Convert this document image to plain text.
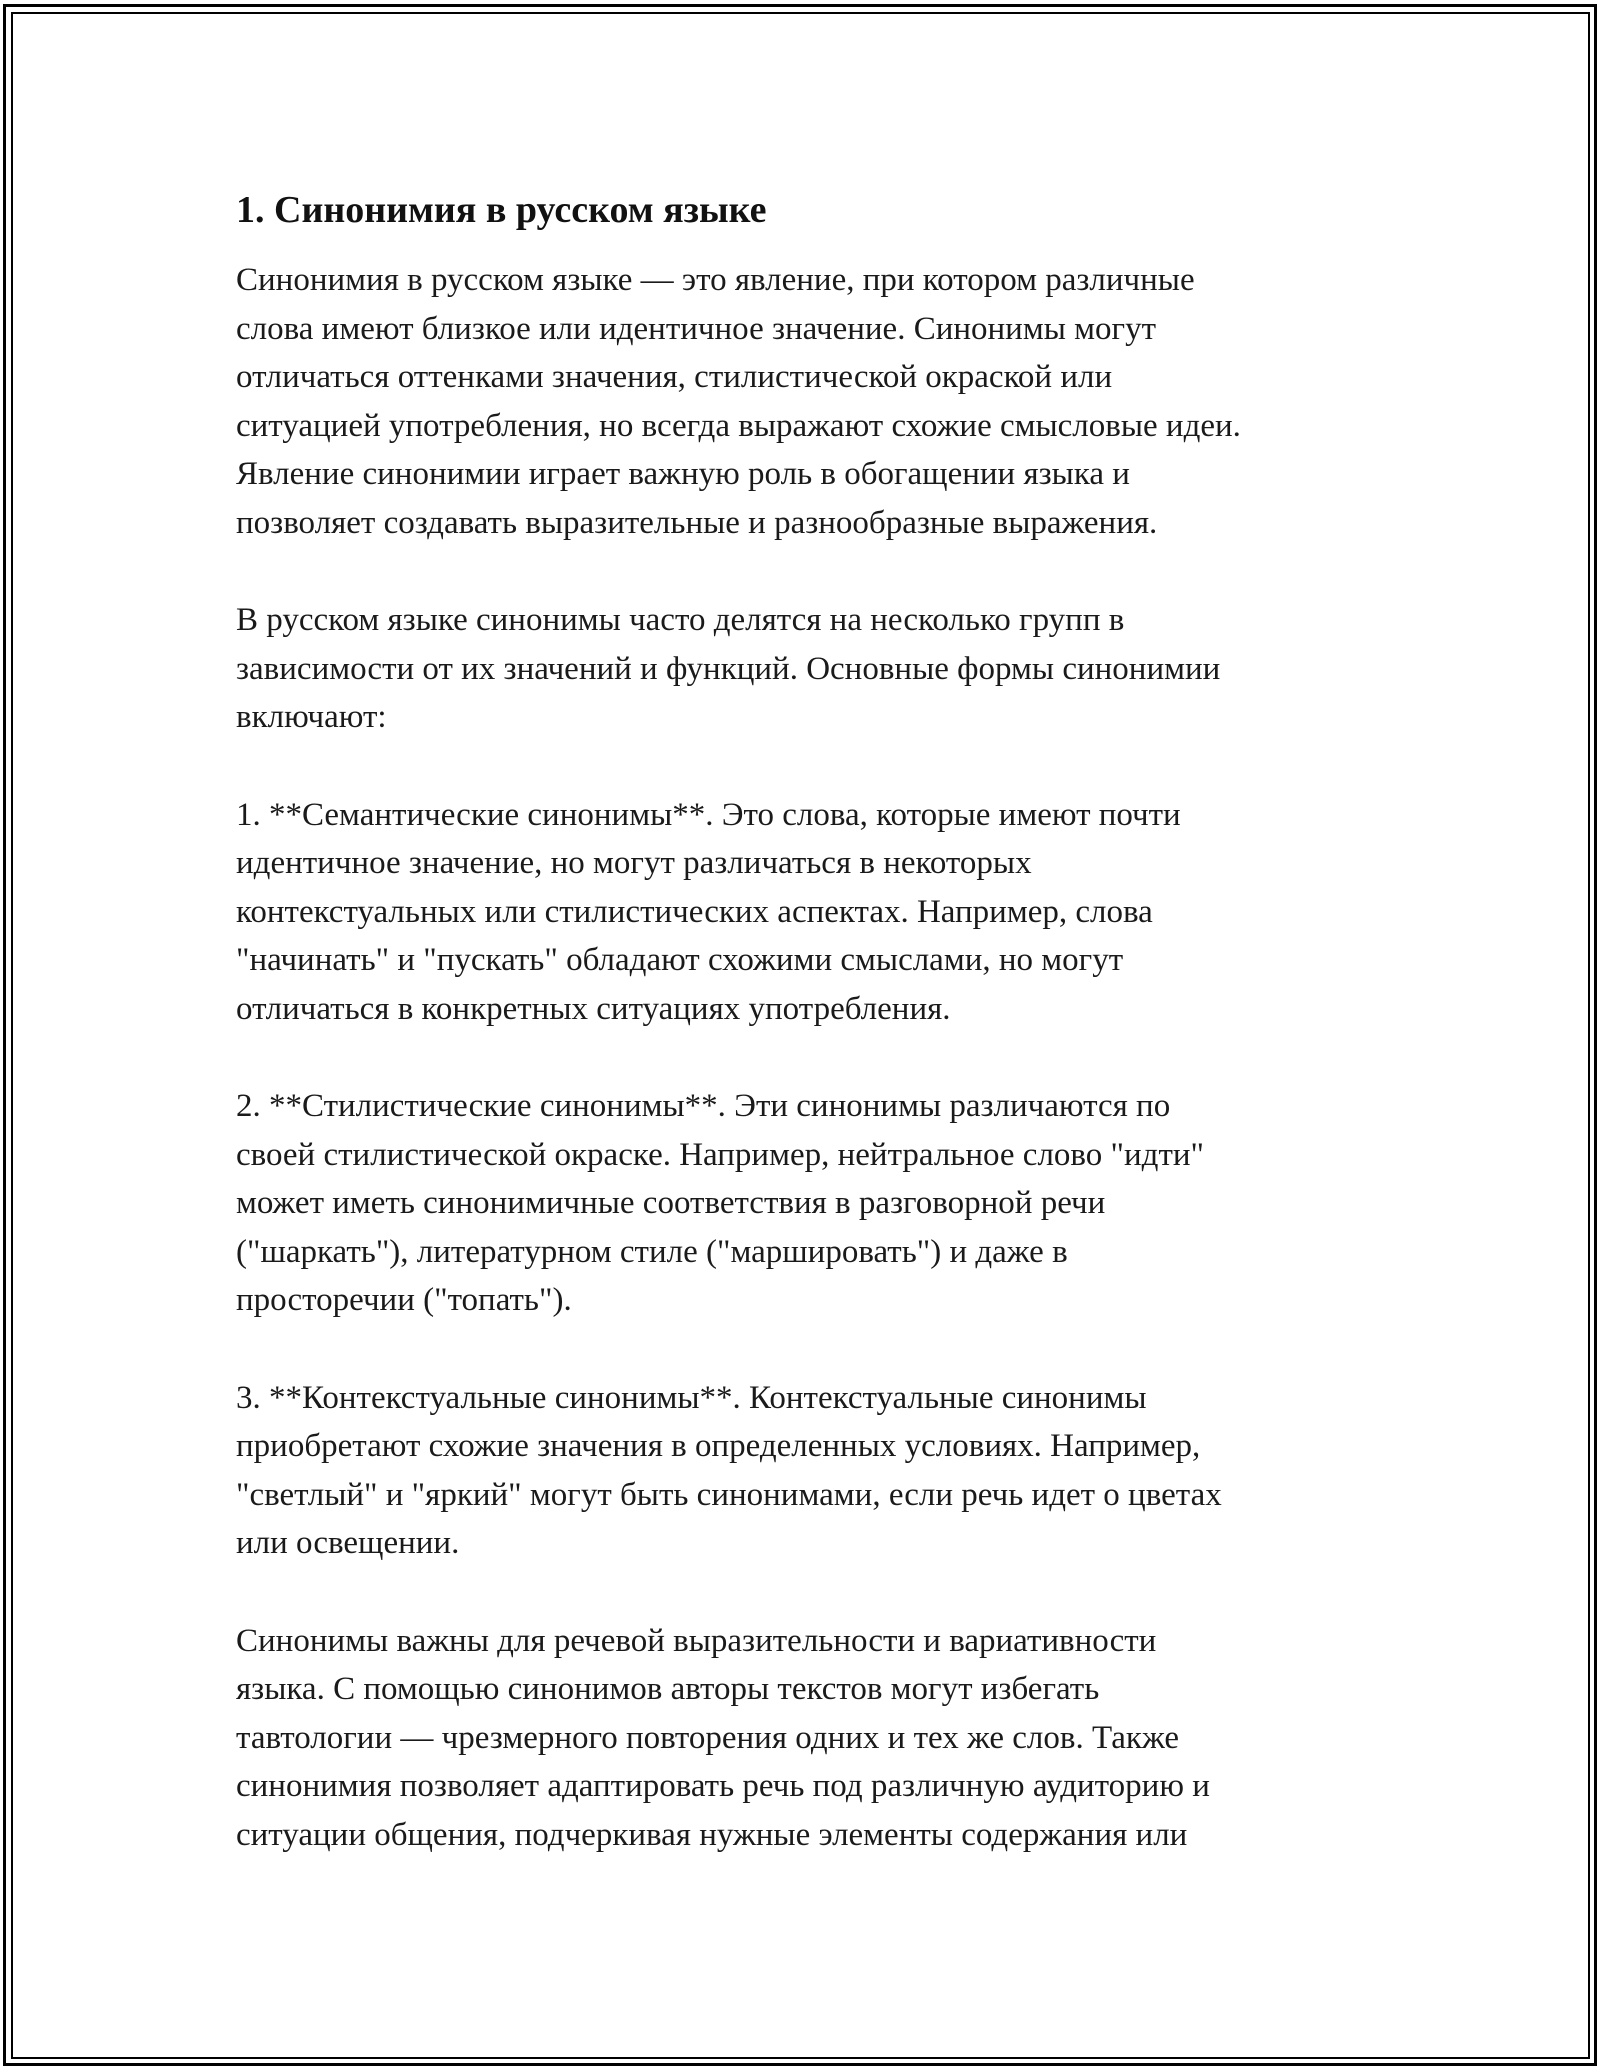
1. Синонимия в русском языке

Синонимия в русском языке — это явление, при котором различные
слова имеют близкое или идентичное значение. Синонимы могут
отличаться оттенками значения, стилистической окраской или
ситуацией употребления, но всегда выражают схожие смысловые идеи.
Явление синонимии играет важную роль в обогащении языка и
позволяет создавать выразительные и разнообразные выражения.

В русском языке синонимы часто делятся на несколько групп в
зависимости от их значений и функций. Основные формы синонимии
включают:

1. **Семантические синонимы**. Это слова, которые имеют почти
идентичное значение, но могут различаться в некоторых
контекстуальных или стилистических аспектах. Например, слова
"начинать" и "пускать" обладают схожими смыслами, но могут
отличаться в конкретных ситуациях употребления.

2. **Стилистические синонимы**. Эти синонимы различаются по
своей стилистической окраске. Например, нейтральное слово "идти"
может иметь синонимичные соответствия в разговорной речи
("шаркать"), литературном стиле ("маршировать") и даже в
просторечии ("топать").

3. **Контекстуальные синонимы**. Контекстуальные синонимы
приобретают схожие значения в определенных условиях. Например,
"светлый" и "яркий" могут быть синонимами, если речь идет о цветах
или освещении.

Синонимы важны для речевой выразительности и вариативности
языка. С помощью синонимов авторы текстов могут избегать
тавтологии — чрезмерного повторения одних и тех же слов. Также
синонимия позволяет адаптировать речь под различную аудиторию и
ситуации общения, подчеркивая нужные элементы содержания или
